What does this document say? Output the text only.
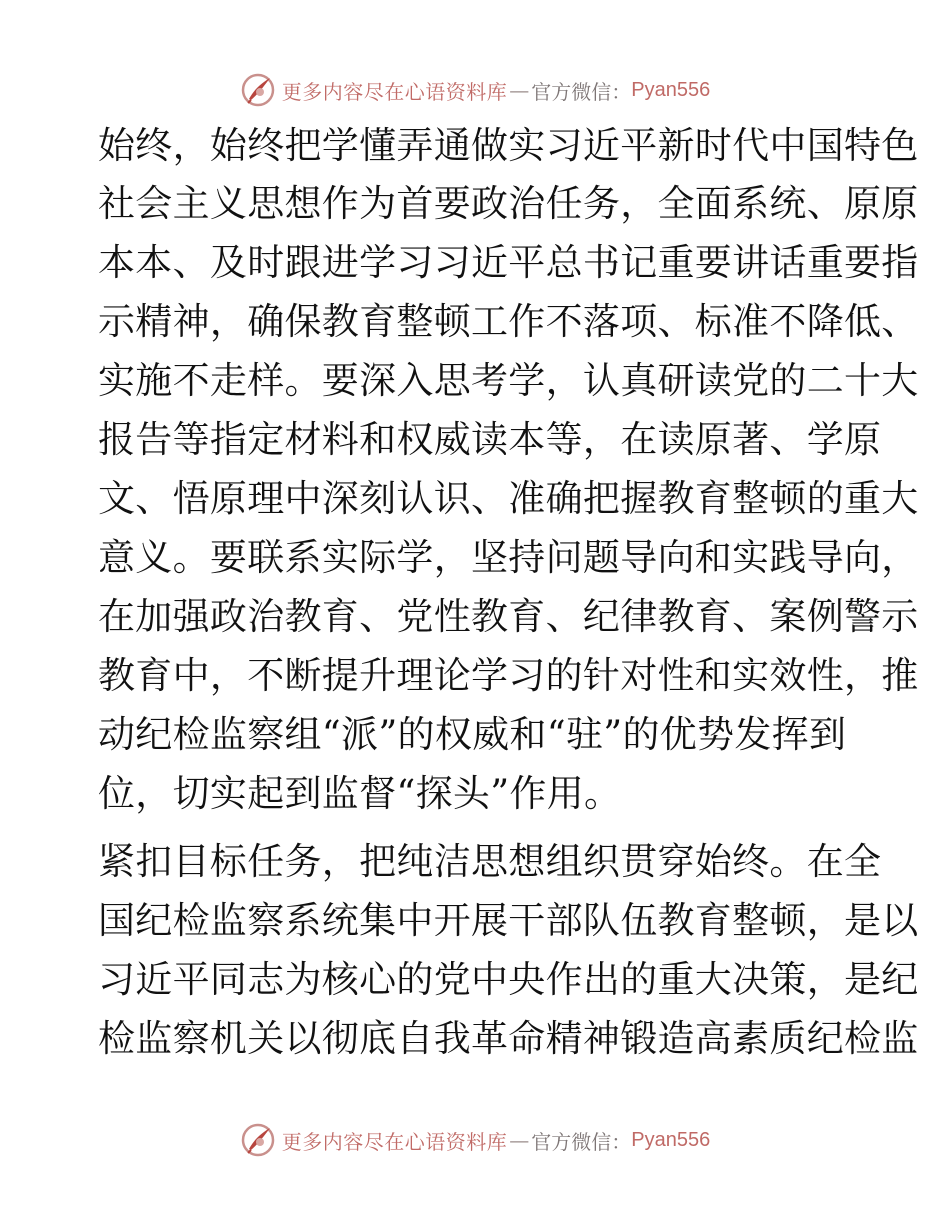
更多内容尽在心语资料库 — 官方微信： Pyan556
始终，始终把学懂弄通做实习近平新时代中国特色
社会主义思想作为首要政治任务，全面系统、原原
本本、及时跟进学习习近平总书记重要讲话重要指
示精神，确保教育整顿工作不落项、标准不降低、
实施不走样。要深入思考学，认真研读党的二十大
报告等指定材料和权威读本等，在读原著、学原
文、悟原理中深刻认识、准确把握教育整顿的重大
意义。要联系实际学，坚持问题导向和实践导向，
在加强政治教育、党性教育、纪律教育、案例警示
教育中，不断提升理论学习的针对性和实效性，推
动纪检监察组“派”的权威和“驻”的优势发挥到
位，切实起到监督“探头”作用。
紧扣目标任务，把纯洁思想组织贯穿始终。在全
国纪检监察系统集中开展干部队伍教育整顿，是以
习近平同志为核心的党中央作出的重大决策，是纪
检监察机关以彻底自我革命精神锻造高素质纪检监
更多内容尽在心语资料库 — 官方微信： Pyan556
